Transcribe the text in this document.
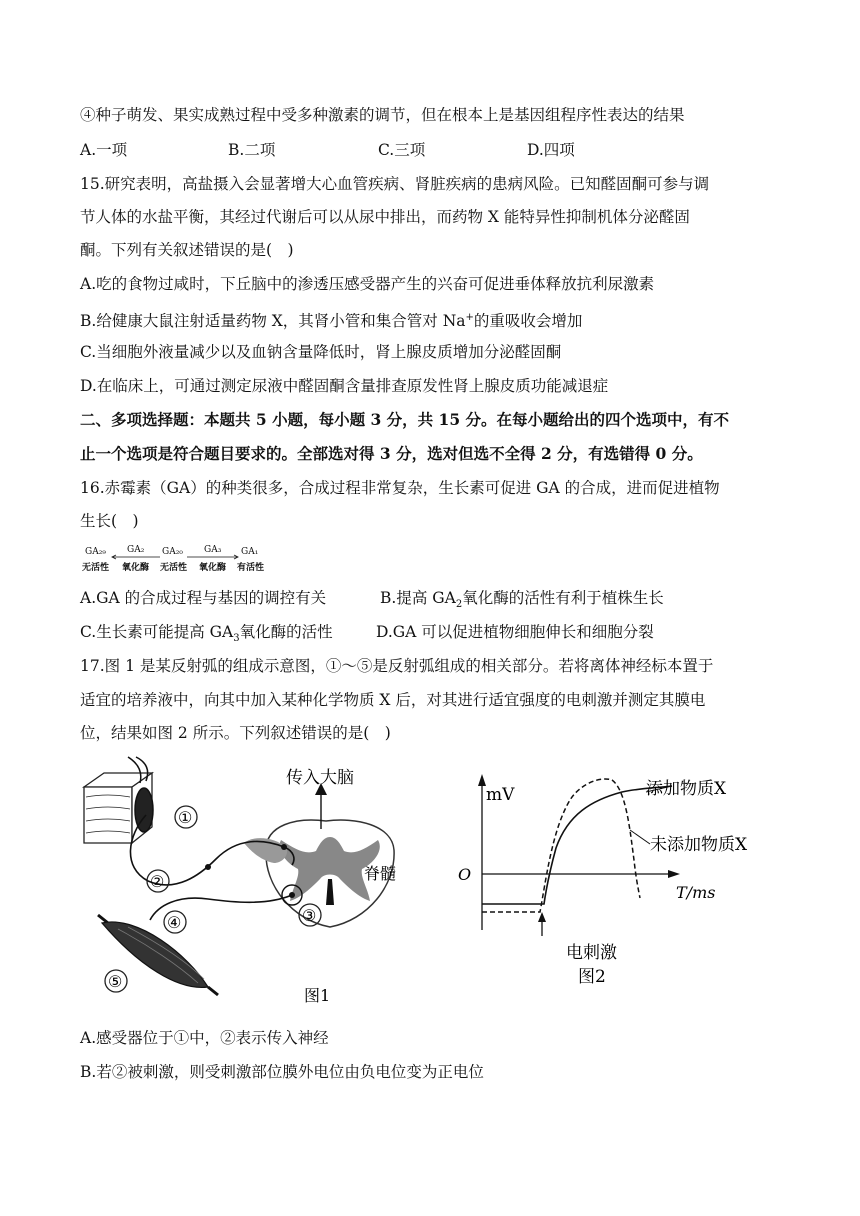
④种子萌发、果实成熟过程中受多种激素的调节，但在根本上是基因组程序性表达的结果
A.一项	B.二项	C.三项	D.四项
15.研究表明，高盐摄入会显著增大心血管疾病、肾脏疾病的患病风险。已知醛固酮可参与调
节人体的水盐平衡，其经过代谢后可以从尿中排出，而药物 X 能特异性抑制机体分泌醛固
酮。下列有关叙述错误的是(　)
A.吃的食物过咸时，下丘脑中的渗透压感受器产生的兴奋可促进垂体释放抗利尿激素
B.给健康大鼠注射适量药物 X，其肾小管和集合管对 Na+的重吸收会增加
C.当细胞外液量减少以及血钠含量降低时，肾上腺皮质增加分泌醛固酮
D.在临床上，可通过测定尿液中醛固酮含量排查原发性肾上腺皮质功能减退症
二、多项选择题：本题共 5 小题，每小题 3 分，共 15 分。在每小题给出的四个选项中，有不
止一个选项是符合题目要求的。全部选对得 3 分，选对但选不全得 2 分，有选错得 0 分。
16.赤霉素（GA）的种类很多，合成过程非常复杂，生长素可促进 GA 的合成，进而促进植物
生长(　)
GA₂₉ GA₂ GA₂₀ GA₃ GA₁
无活性 氧化酶 无活性 氧化酶 有活性
A.GA 的合成过程与基因的调控有关	B.提高 $GA_2$氧化酶的活性有利于植株生长
C.生长素可能提高 $GA_3$氧化酶的活性	D.GA 可以促进植物细胞伸长和细胞分裂
17.图 1 是某反射弧的组成示意图，①～⑤是反射弧组成的相关部分。若将离体神经标本置于
适宜的培养液中，向其中加入某种化学物质 X 后，对其进行适宜强度的电刺激并测定其膜电
位，结果如图 2 所示。下列叙述错误的是(　)
①
脊髓
传入大脑
②
③
④
⑤
图1
mV
O
T/ms
添加物质X
未添加物质X
电刺激
图2
A.感受器位于①中，②表示传入神经
B.若②被刺激，则受刺激部位膜外电位由负电位变为正电位
